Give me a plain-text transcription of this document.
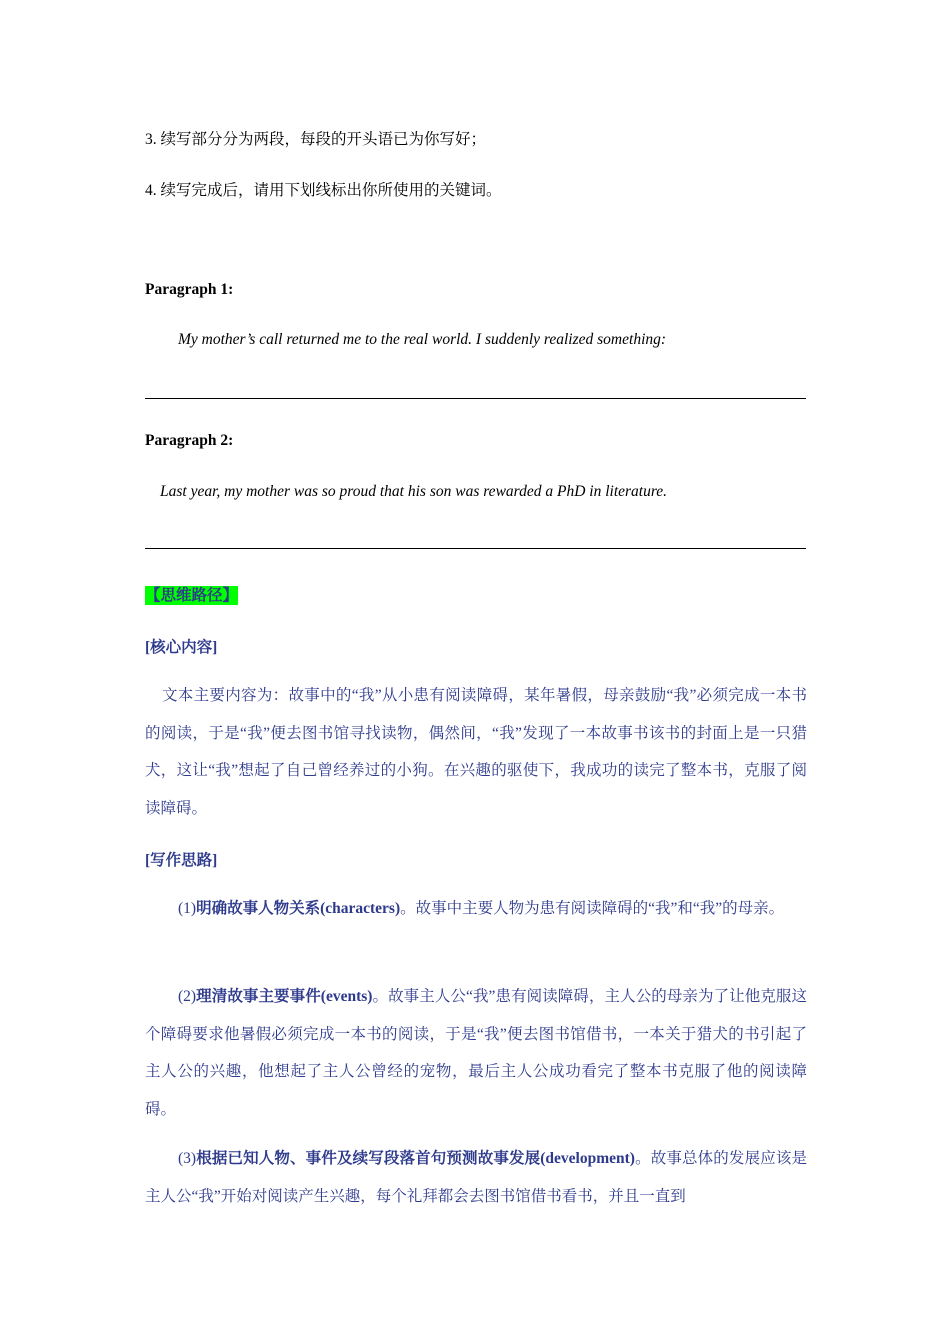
3. 续写部分分为两段，每段的开头语已为你写好；
4. 续写完成后，请用下划线标出你所使用的关键词。
Paragraph 1:
My mother’s call returned me to the real world. I suddenly realized something:
Paragraph 2:
Last year, my mother was so proud that his son was rewarded a PhD in literature.
【思维路径】
[核心内容]
文本主要内容为：故事中的“我”从小患有阅读障碍，某年暑假，母亲鼓励“我”必须完成一本书的阅读，于是“我”便去图书馆寻找读物，偶然间，“我”发现了一本故事书该书的封面上是一只猎犬，这让“我”想起了自己曾经养过的小狗。在兴趣的驱使下，我成功的读完了整本书，克服了阅读障碍。
[写作思路]
(1)明确故事人物关系(characters)。故事中主要人物为患有阅读障碍的“我”和“我”的母亲。
(2)理清故事主要事件(events)。故事主人公“我”患有阅读障碍，主人公的母亲为了让他克服这个障碍要求他暑假必须完成一本书的阅读，于是“我”便去图书馆借书，一本关于猎犬的书引起了主人公的兴趣，他想起了主人公曾经的宠物，最后主人公成功看完了整本书克服了他的阅读障碍。
(3)根据已知人物、事件及续写段落首句预测故事发展(development)。故事总体的发展应该是主人公“我”开始对阅读产生兴趣，每个礼拜都会去图书馆借书看书，并且一直到
